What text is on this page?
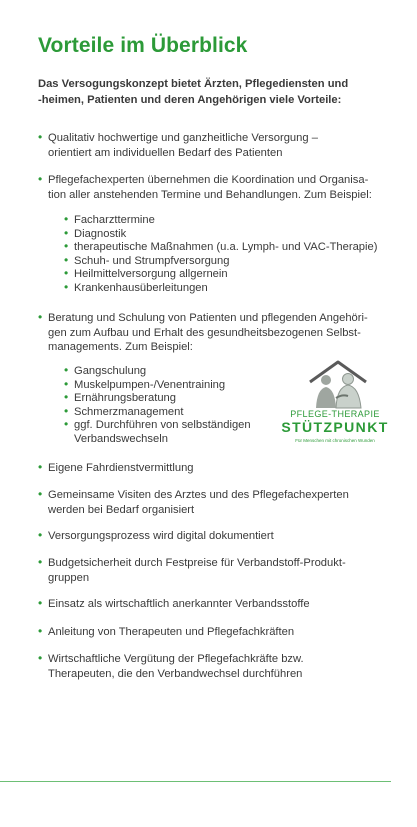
Vorteile im Überblick
Das Versogungskonzept bietet Ärzten, Pflegediensten und
-heimen, Patienten und deren Angehörigen viele Vorteile:
• Qualitativ hochwertige und ganzheitliche Versorgung –
orientiert am individuellen Bedarf des Patienten
• Pflegefachexperten übernehmen die Koordination und Organisa-
tion aller anstehenden Termine und Behandlungen. Zum Beispiel:
• Facharzttermine
• Diagnostik
• therapeutische Maßnahmen (u.a. Lymph- und VAC-Therapie)
• Schuh- und Strumpfversorgung
• Heilmittelversorgung allgernein
• Krankenhausüberleitungen
• Beratung und Schulung von Patienten und pflegenden Angehöri-
gen zum Aufbau und Erhalt des gesundheitsbezogenen Selbst-
managements. Zum Beispiel:
• Gangschulung
• Muskelpumpen-/Venentraining
• Ernährungsberatung
• Schmerzmanagement
• ggf. Durchführen von selbständigen
Verbandswechseln
• Eigene Fahrdienstvermittlung
• Gemeinsame Visiten des Arztes und des Pflegefachexperten
werden bei Bedarf organisiert
• Versorgungsprozess wird digital dokumentiert
• Budgetsicherheit durch Festpreise für Verbandstoff-Produkt-
gruppen
• Einsatz als wirtschaftlich anerkannter Verbandsstoffe
• Anleitung von Therapeuten und Pflegefachkräften
• Wirtschaftliche Vergütung der Pflegefachkräfte bzw.
Therapeuten, die den Verbandwechsel durchführen
PFLEGE-THERAPIE
STÜTZPUNKT
Für Menschen mit chronischen Wunden
